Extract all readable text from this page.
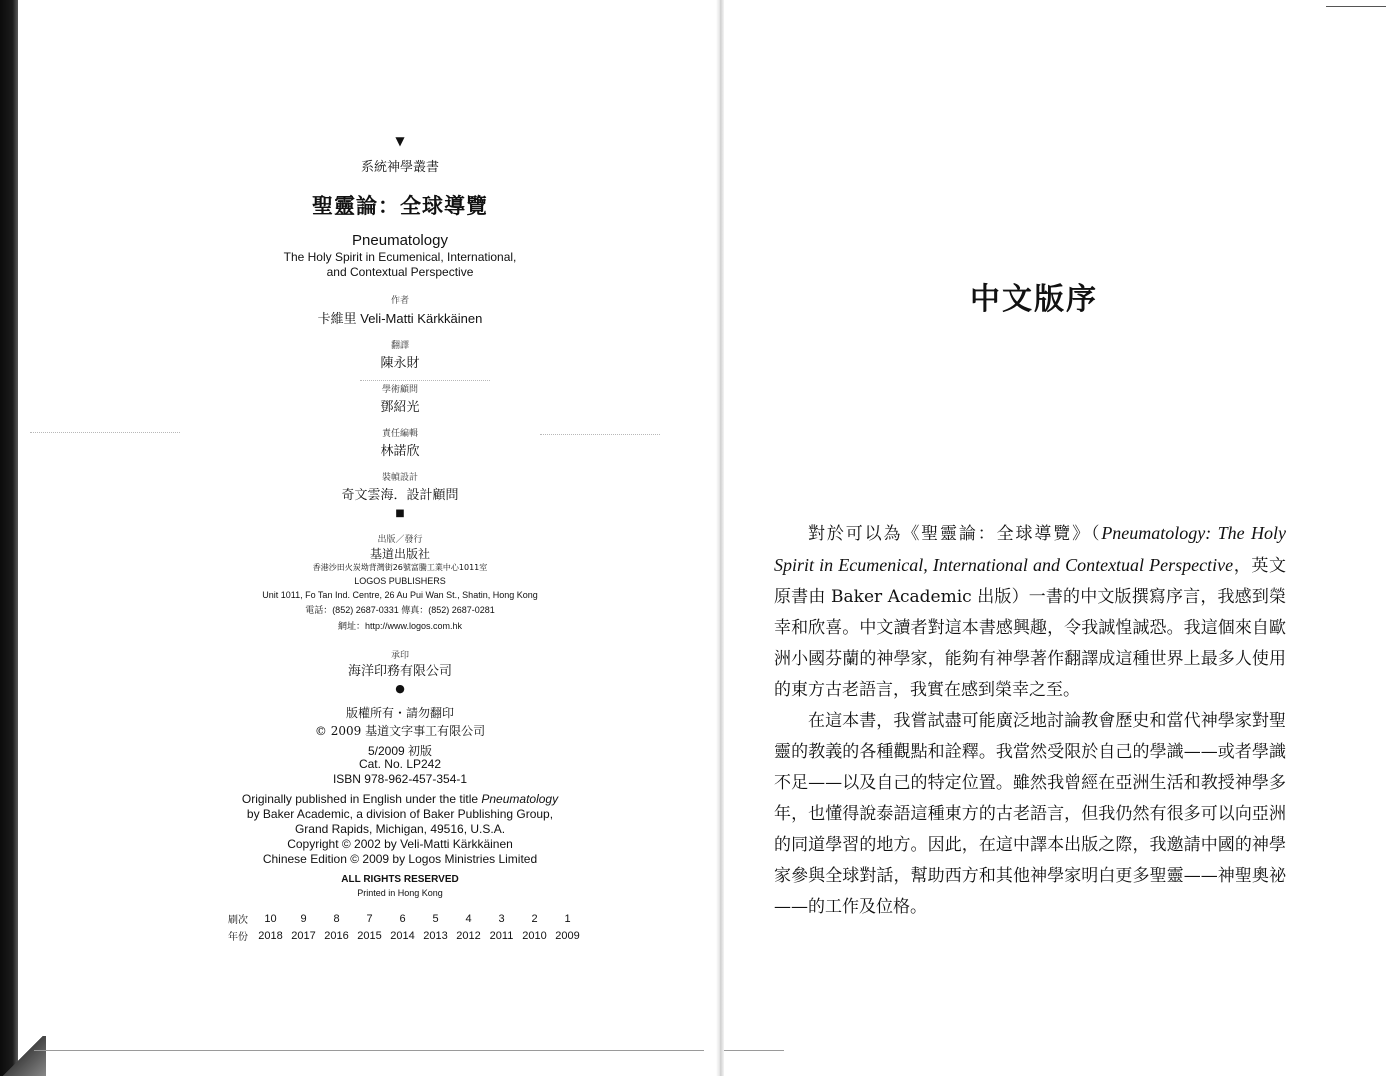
▼
系統神學叢書
聖靈論：全球導覽
Pneumatology
The Holy Spirit in Ecumenical, International,
and Contextual Perspective
作者
卡維里 Veli-Matti Kärkkäinen
翻譯
陳永財
學術顧問
鄧紹光
責任編輯
林諾欣
裝幀設計
奇文雲海．設計顧問
■
出版／發行
基道出版社
香港沙田火炭坳背灣街26號富騰工業中心1011室
LOGOS PUBLISHERS
Unit 1011, Fo Tan Ind. Centre, 26 Au Pui Wan St., Shatin, Hong Kong
電話：(852) 2687-0331 傳真：(852) 2687-0281
網址：http://www.logos.com.hk
承印
海洋印務有限公司
●
版權所有・請勿翻印
© 2009 基道文字事工有限公司
5/2009 初版
Cat. No. LP242
ISBN 978-962-457-354-1
Originally published in English under the title Pneumatology
by Baker Academic, a division of Baker Publishing Group,
Grand Rapids, Michigan, 49516, U.S.A.
Copyright © 2002 by Veli-Matti Kärkkäinen
Chinese Edition © 2009 by Logos Ministries Limited
ALL RIGHTS RESERVED
Printed in Hong Kong
刷次	10	9	8	7	6	5	4	3	2	1
年份	2018	2017	2016	2015	2014	2013	2012	2011	2010	2009
中文版序

對於可以為《聖靈論：全球導覽》（Pneumatology: The Holy Spirit in Ecumenical, International and Contextual Perspective，英文原書由 Baker Academic 出版）一書的中文版撰寫序言，我感到榮幸和欣喜。中文讀者對這本書感興趣，令我誠惶誠恐。我這個來自歐洲小國芬蘭的神學家，能夠有神學著作翻譯成這種世界上最多人使用的東方古老語言，我實在感到榮幸之至。

在這本書，我嘗試盡可能廣泛地討論教會歷史和當代神學家對聖靈的教義的各種觀點和詮釋。我當然受限於自己的學識——或者學識不足——以及自己的特定位置。雖然我曾經在亞洲生活和教授神學多年，也懂得說泰語這種東方的古老語言，但我仍然有很多可以向亞洲的同道學習的地方。因此，在這中譯本出版之際，我邀請中國的神學家參與全球對話，幫助西方和其他神學家明白更多聖靈——神聖奧祕——的工作及位格。
